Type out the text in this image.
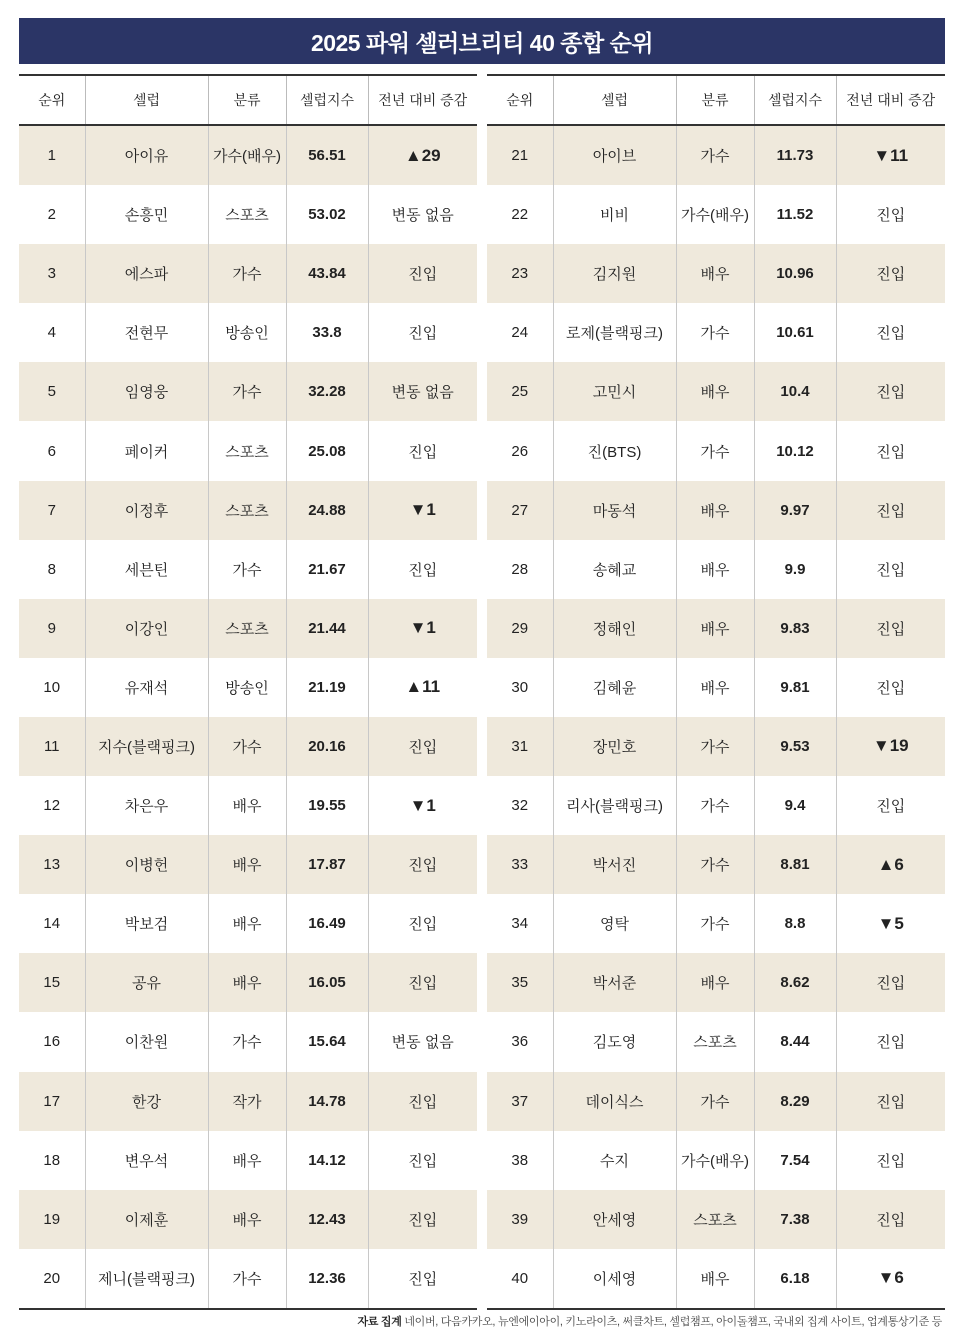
2025 파워 셀러브리티 40 종합 순위
순위	셀럽	분류	셀럽지수	전년 대비 증감
1	아이유	가수(배우)	56.51	▲29
2	손흥민	스포츠	53.02	변동 없음
3	에스파	가수	43.84	진입
4	전현무	방송인	33.8	진입
5	임영웅	가수	32.28	변동 없음
6	페이커	스포츠	25.08	진입
7	이정후	스포츠	24.88	▼1
8	세븐틴	가수	21.67	진입
9	이강인	스포츠	21.44	▼1
10	유재석	방송인	21.19	▲11
11	지수(블랙핑크)	가수	20.16	진입
12	차은우	배우	19.55	▼1
13	이병헌	배우	17.87	진입
14	박보검	배우	16.49	진입
15	공유	배우	16.05	진입
16	이찬원	가수	15.64	변동 없음
17	한강	작가	14.78	진입
18	변우석	배우	14.12	진입
19	이제훈	배우	12.43	진입
20	제니(블랙핑크)	가수	12.36	진입
순위	셀럽	분류	셀럽지수	전년 대비 증감
21	아이브	가수	11.73	▼11
22	비비	가수(배우)	11.52	진입
23	김지원	배우	10.96	진입
24	로제(블랙핑크)	가수	10.61	진입
25	고민시	배우	10.4	진입
26	진(BTS)	가수	10.12	진입
27	마동석	배우	9.97	진입
28	송혜교	배우	9.9	진입
29	정해인	배우	9.83	진입
30	김혜윤	배우	9.81	진입
31	장민호	가수	9.53	▼19
32	리사(블랙핑크)	가수	9.4	진입
33	박서진	가수	8.81	▲6
34	영탁	가수	8.8	▼5
35	박서준	배우	8.62	진입
36	김도영	스포츠	8.44	진입
37	데이식스	가수	8.29	진입
38	수지	가수(배우)	7.54	진입
39	안세영	스포츠	7.38	진입
40	이세영	배우	6.18	▼6
자료 집계 네이버, 다음카카오, 뉴엔에이아이, 키노라이츠, 써클차트, 셀럽챔프, 아이돌챔프, 국내외 집계 사이트, 업계통상기준 등
